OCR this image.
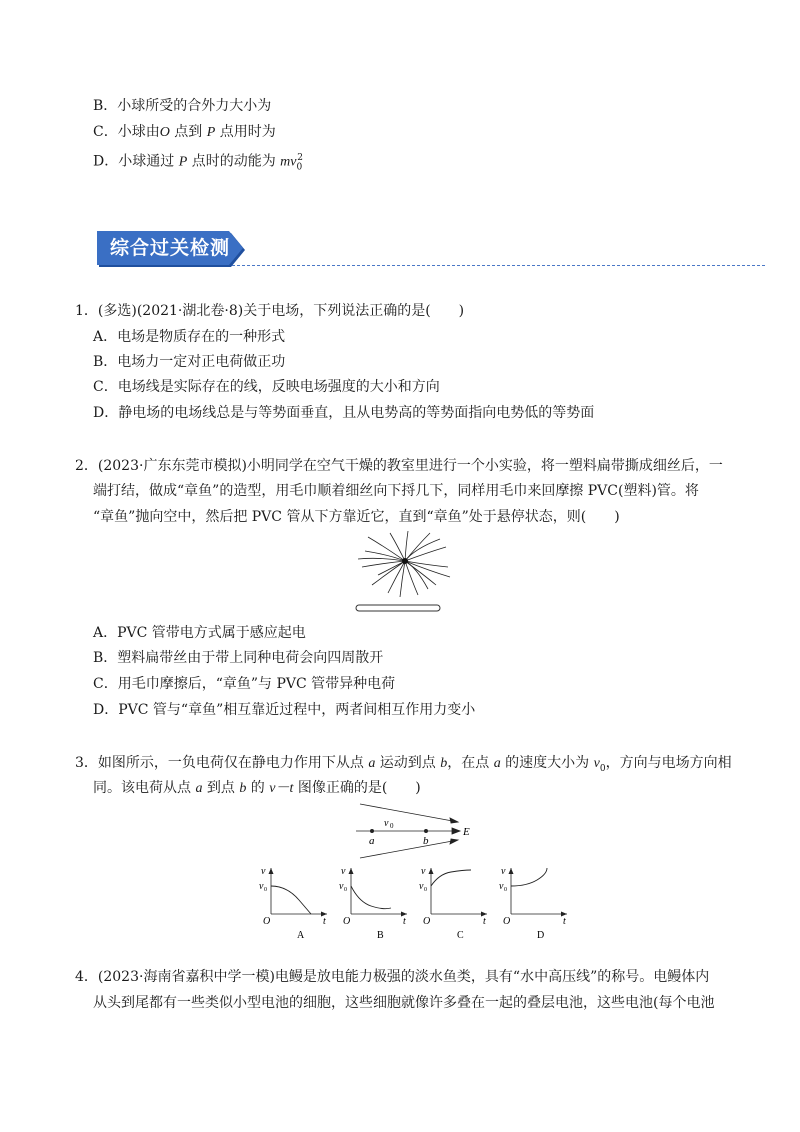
B．小球所受的合外力大小为
C．小球由O 点到 P 点用时为
D．小球通过 P 点时的动能为 $mv_0^2$
综合过关检测
1．(多选)(2021·湖北卷·8)关于电场，下列说法正确的是(　　)
A．电场是物质存在的一种形式
B．电场力一定对正电荷做正功
C．电场线是实际存在的线，反映电场强度的大小和方向
D．静电场的电场线总是与等势面垂直，且从电势高的等势面指向电势低的等势面
2．(2023·广东东莞市模拟)小明同学在空气干燥的教室里进行一个小实验，将一塑料扁带撕成细丝后，一
端打结，做成“章鱼”的造型，用毛巾顺着细丝向下捋几下，同样用毛巾来回摩擦 PVC(塑料)管。将
“章鱼”抛向空中，然后把 PVC 管从下方靠近它，直到“章鱼”处于悬停状态，则(　　)
A．PVC 管带电方式属于感应起电
B．塑料扁带丝由于带上同种电荷会向四周散开
C．用毛巾摩擦后，“章鱼”与 PVC 管带异种电荷
D．PVC 管与“章鱼”相互靠近过程中，两者间相互作用力变小
3．如图所示，一负电荷仅在静电力作用下从点 a 运动到点 b，在点 a 的速度大小为 $v_0$，方向与电场方向相
同。该电荷从点 a 到点 b 的 v－t 图像正确的是(　　)
v 0
a	b
E
v
v 0
O	t
A
v
v 0
O	t
B
v
v 0
O	t
C
v
v 0
O	t
D
4．(2023·海南省嘉积中学一模)电鳗是放电能力极强的淡水鱼类，具有“水中高压线”的称号。电鳗体内
从头到尾都有一些类似小型电池的细胞，这些细胞就像许多叠在一起的叠层电池，这些电池(每个电池
